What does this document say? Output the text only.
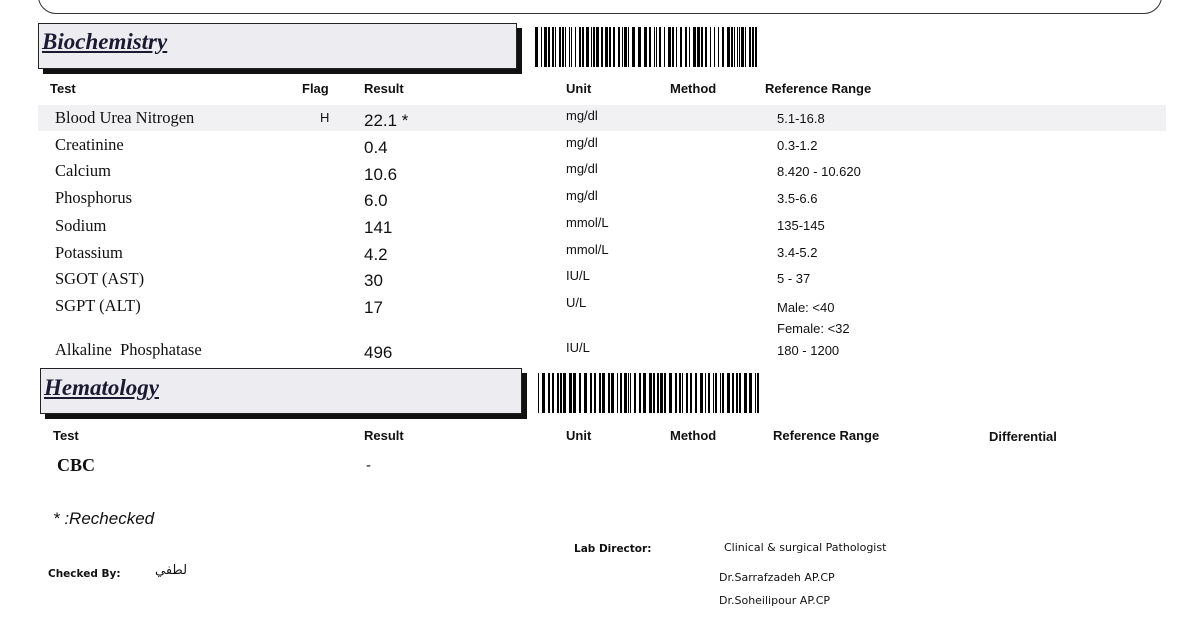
Biochemistry
Test	Flag	Result	Unit	Method	Reference Range
Blood Urea Nitrogen	H 22.1 *	mg/dl	5.1-16.8
Creatinine	0.4	mg/dl	0.3-1.2
Calcium	10.6	mg/dl	8.420 - 10.620
Phosphorus	6.0	mg/dl	3.5-6.6
Sodium	141	mmol/L	135-145
Potassium	4.2	mmol/L	3.4-5.2
SGOT (AST)	30	IU/L	5 - 37
SGPT (ALT)	17	U/L	Male: <40
Female: <32
Alkaline  Phosphatase	496	IU/L	180 - 1200
Hematology
Test	Result	Unit	Method	Reference Range	Differential
CBC	-
* :Rechecked
Checked By:	لطفي
Lab Director:	Clinical & surgical Pathologist
Dr.Sarrafzadeh AP.CP
Dr.Soheilipour AP.CP
